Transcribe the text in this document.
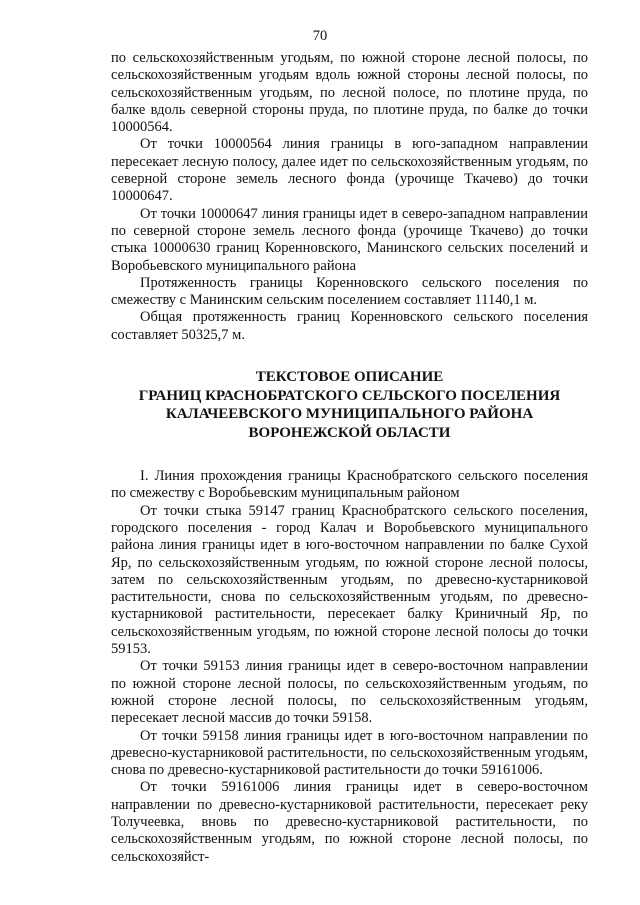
70

по сельскохозяйственным угодьям, по южной стороне лесной полосы, по сельскохозяйственным угодьям вдоль южной стороны лесной полосы, по сельскохозяйственным угодьям, по лесной полосе, по плотине пруда, по балке вдоль северной стороны пруда, по плотине пруда, по балке до точки 10000564.

От точки 10000564 линия границы в юго-западном направлении пересекает лесную полосу, далее идет по сельскохозяйственным угодьям, по северной стороне земель лесного фонда (урочище Ткачево) до точки 10000647.

От точки 10000647 линия границы идет в северо-западном направлении по северной стороне земель лесного фонда (урочище Ткачево) до точки стыка 10000630 границ Коренновского, Манинского сельских поселений и Воробьевского муниципального района

Протяженность границы Коренновского сельского поселения по смежеству с Манинским сельским поселением составляет 11140,1 м.

Общая протяженность границ Коренновского сельского поселения составляет 50325,7 м.

ТЕКСТОВОЕ ОПИСАНИЕ
ГРАНИЦ КРАСНОБРАТСКОГО СЕЛЬСКОГО ПОСЕЛЕНИЯ
КАЛАЧЕЕВСКОГО МУНИЦИПАЛЬНОГО РАЙОНА
ВОРОНЕЖСКОЙ ОБЛАСТИ

I. Линия прохождения границы Краснобратского сельского поселения по смежеству с Воробьевским муниципальным районом

От точки стыка 59147 границ Краснобратского сельского поселения, городского поселения - город Калач и Воробьевского муниципального района линия границы идет в юго-восточном направлении по балке Сухой Яр, по сельскохозяйственным угодьям, по южной стороне лесной полосы, затем по сельскохозяйственным угодьям, по древесно-кустарниковой растительности, снова по сельскохозяйственным угодьям, по древесно-кустарниковой растительности, пересекает балку Криничный Яр, по сельскохозяйственным угодьям, по южной стороне лесной полосы до точки 59153.

От точки 59153 линия границы идет в северо-восточном направлении по южной стороне лесной полосы, по сельскохозяйственным угодьям, по южной стороне лесной полосы, по сельскохозяйственным угодьям, пересекает лесной массив до точки 59158.

От точки 59158 линия границы идет в юго-восточном направлении по древесно-кустарниковой растительности, по сельскохозяйственным угодьям, снова по древесно-кустарниковой растительности до точки 59161006.

От точки 59161006 линия границы идет в северо-восточном направлении по древесно-кустарниковой растительности, пересекает реку Толучеевка, вновь по древесно-кустарниковой растительности, по сельскохозяйственным угодьям, по южной стороне лесной полосы, по сельскохозяйст-
